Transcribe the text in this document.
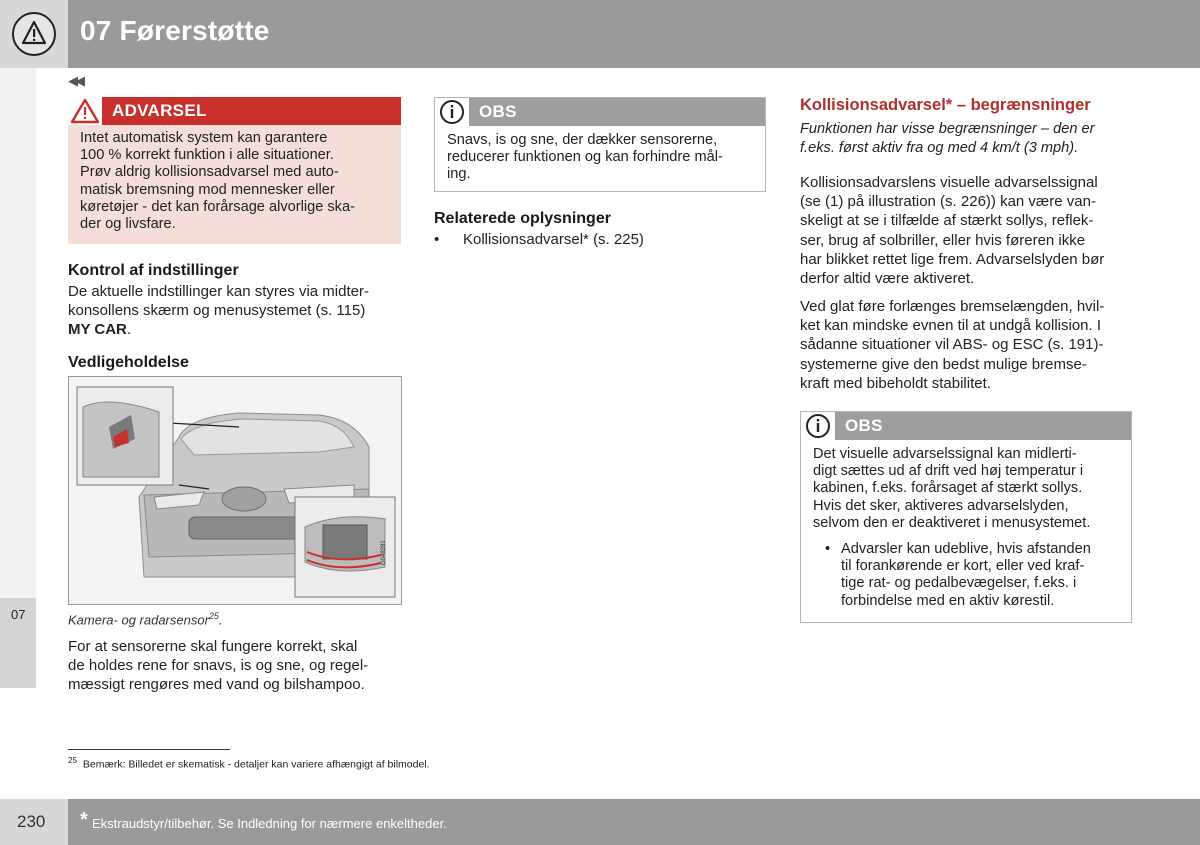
07 Førerstøtte
◀◀
07
ADVARSEL
Intet automatisk system kan garantere
100 % korrekt funktion i alle situationer.
Prøv aldrig kollisionsadvarsel med auto-
matisk bremsning mod mennesker eller
køretøjer - det kan forårsage alvorlige ska-
der og livsfare.
Kontrol af indstillinger

De aktuelle indstillinger kan styres via midter-
konsollens skærm og menusystemet (s. 115)
MY CAR.

Vedligeholdelse
Kamera- og radarsensor$^{25}$.
G048281

For at sensorerne skal fungere korrekt, skal
de holdes rene for snavs, is og sne, og regel-
mæssigt rengøres med vand og bilshampoo.

OBS
Snavs, is og sne, der dækker sensorerne,
reducerer funktionen og kan forhindre mål-
ing.
Relaterede oplysninger
• Kollisionsadvarsel* (s. 225)
Kollisionsadvarsel* – begrænsninger
Funktionen har visse begrænsninger – den er
f.eks. først aktiv fra og med 4 km/t (3 mph).

Kollisionsadvarslens visuelle advarselssignal
(se (1) på illustration (s. 226)) kan være van-
skeligt at se i tilfælde af stærkt sollys, reflek-
ser, brug af solbriller, eller hvis føreren ikke
har blikket rettet lige frem. Advarselslyden bør
derfor altid være aktiveret.

Ved glat føre forlænges bremselængden, hvil-
ket kan mindske evnen til at undgå kollision. I
sådanne situationer vil ABS- og ESC (s. 191)-
systemerne give den bedst mulige bremse-
kraft med bibeholdt stabilitet.

OBS
Det visuelle advarselssignal kan midlerti-
digt sættes ud af drift ved høj temperatur i
kabinen, f.eks. forårsaget af stærkt sollys.
Hvis det sker, aktiveres advarselslyden,
selvom den er deaktiveret i menusystemet.
• Advarsler kan udeblive, hvis afstanden
til forankørende er kort, eller ved kraf-
tige rat- og pedalbevægelser, f.eks. i
forbindelse med en aktiv kørestil.
$^{25}$ Bemærk: Billedet er skematisk - detaljer kan variere afhængigt af bilmodel.
230 * Ekstraudstyr/tilbehør. Se Indledning for nærmere enkeltheder.
